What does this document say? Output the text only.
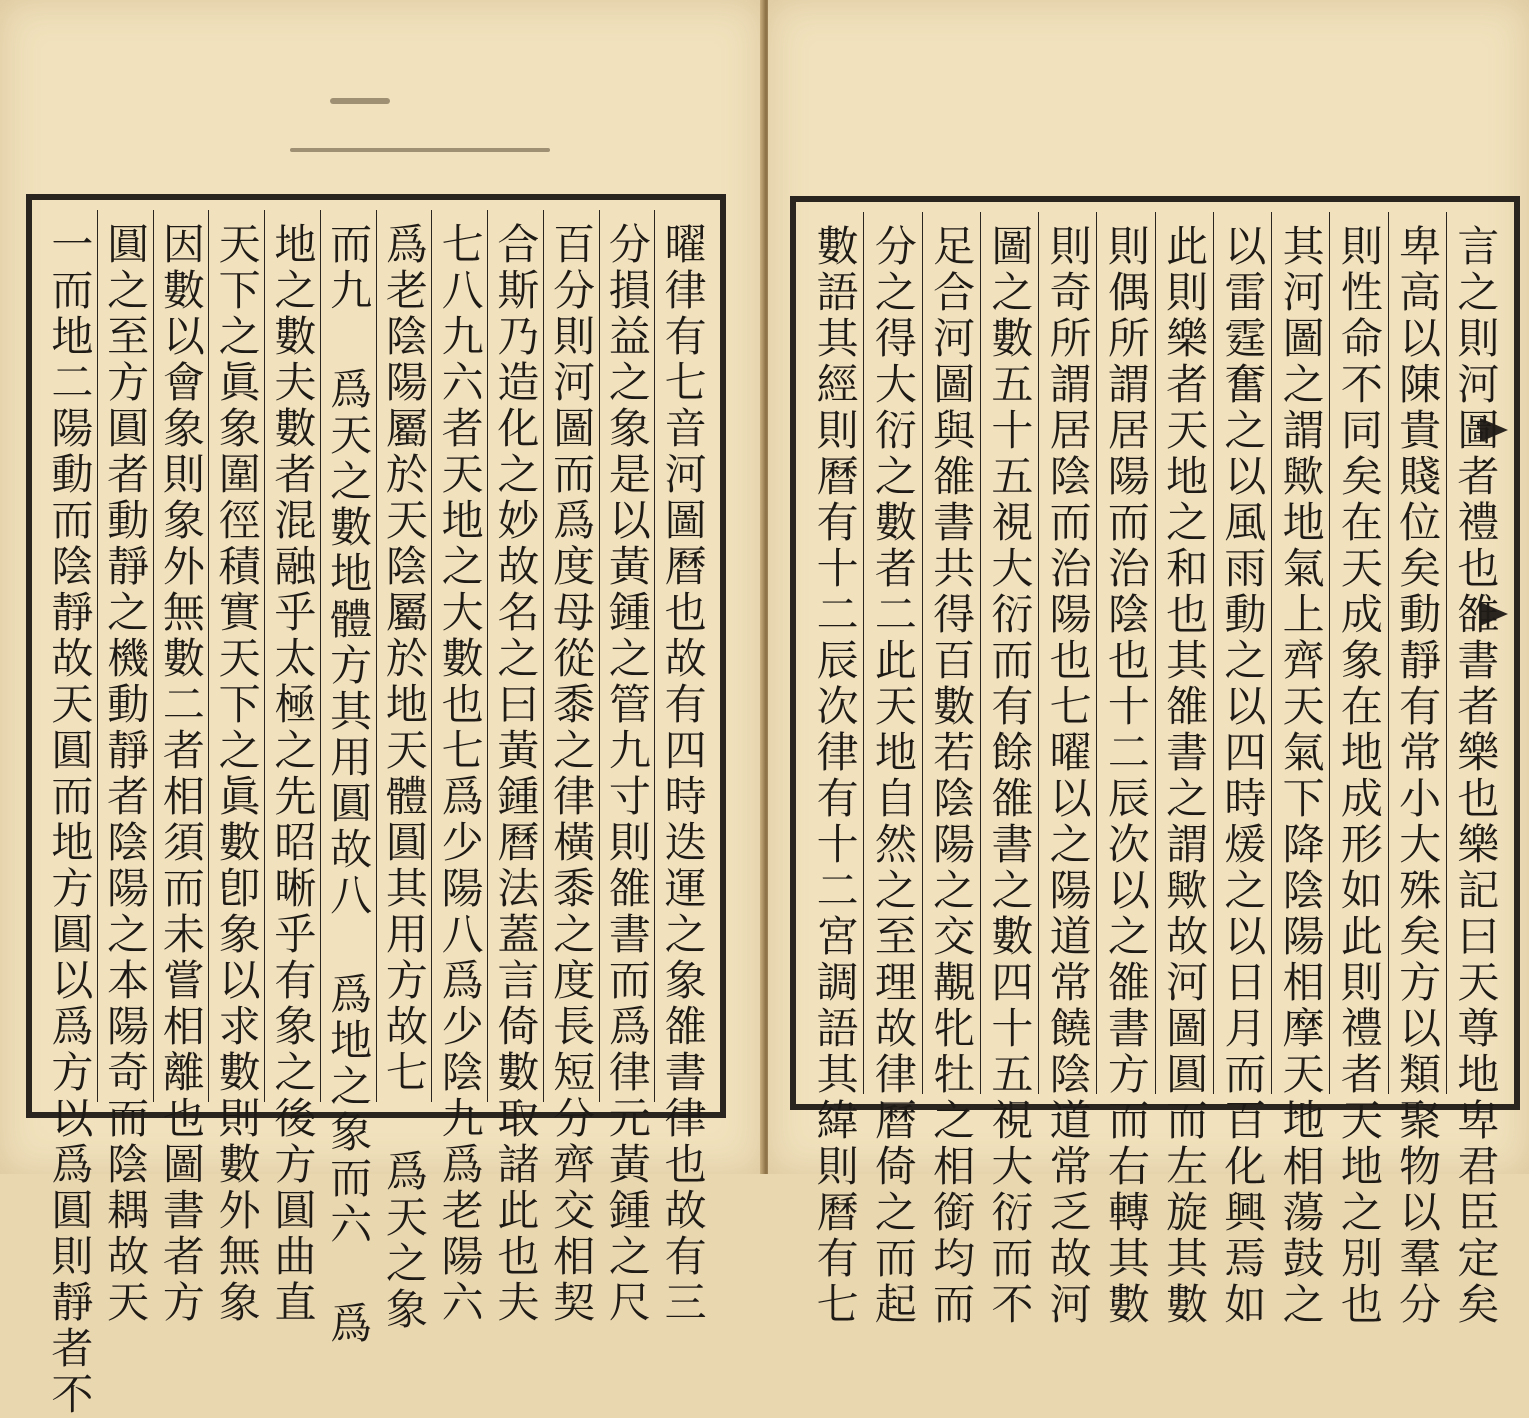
曜律有七音河圖曆也故有四時迭運之象雒書律也故有三
分損益之象是以黃鍾之管九寸則雒書而爲律元黃鍾之尺
百分則河圖而爲度母從黍之律橫黍之度長短分齊交相契
合斯乃造化之妙故名之曰黃鍾曆法蓋言倚數取諸此也夫
七八九六者天地之大數也七爲少陽八爲少陰九爲老陽六
爲老陰陽屬於天陰屬於地天體圓其用方故七 爲天之象
而九 爲天之數地體方其用圓故八 爲地之象而六 爲
地之數夫數者混融乎太極之先昭晰乎有象之後方圓曲直
天下之眞象圍徑積實天下之眞數卽象以求數則數外無象
因數以會象則象外無數二者相須而未嘗相離也圖書者方
圓之至方圓者動靜之機動靜者陰陽之本陽奇而陰耦故天
一而地二陽動而陰靜故天圓而地方圓以爲方以爲圓則靜者不	言之則河圖者禮也雒書者樂也樂記曰天尊地卑君臣定矣
卑高以陳貴賤位矣動靜有常小大殊矣方以類聚物以羣分
則性命不同矣在天成象在地成形如此則禮者天地之別也
其河圖之謂歟地氣上齊天氣下降陰陽相摩天地相蕩鼓之
以雷霆奮之以風雨動之以四時煖之以日月而百化興焉如
此則樂者天地之和也其雒書之謂歟故河圖圓而左旋其數
則偶所謂居陽而治陰也十二辰次以之雒書方而右轉其數
則奇所謂居陰而治陽也七曜以之陽道常饒陰道常乏故河
圖之數五十五視大衍而有餘雒書之數四十五視大衍而不
足合河圖與雒書共得百數若陰陽之交覯牝牡之相銜均而
分之得大衍之數者二此天地自然之至理故律曆倚之而起
數語其經則曆有十二辰次律有十二宮調語其緯則曆有七
